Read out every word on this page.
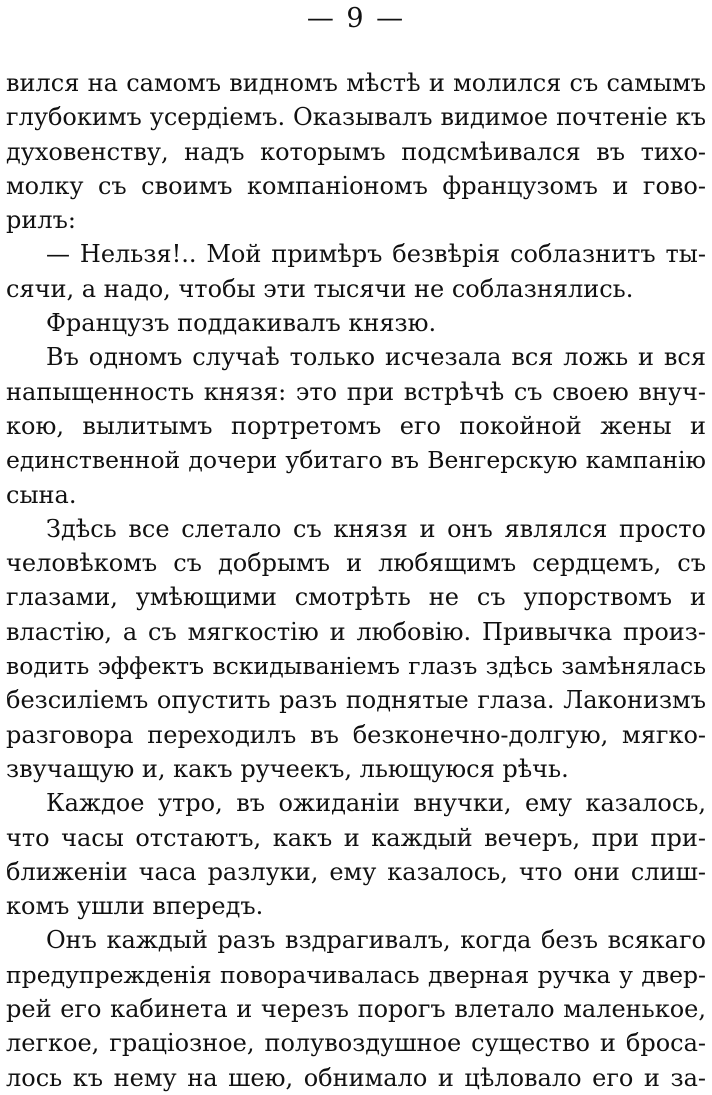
— 9 —
вился на самомъ видномъ мѣстѣ и молился съ самымъ
глубокимъ усердіемъ. Оказывалъ видимое почтеніе къ
духовенству, надъ которымъ подсмѣивался въ тихо-
молку съ своимъ компаніономъ французомъ и гово-
рилъ:
— Нельзя!.. Мой примѣръ безвѣрія соблазнитъ ты-
сячи, а надо, чтобы эти тысячи не соблазнялись.
Французъ поддакивалъ князю.
Въ одномъ случаѣ только исчезала вся ложь и вся
напыщенность князя: это при встрѣчѣ съ своею внуч-
кою, вылитымъ портретомъ его покойной жены и
единственной дочери убитаго въ Венгерскую кампанію
сына.
Здѣсь все слетало съ князя и онъ являлся просто
человѣкомъ съ добрымъ и любящимъ сердцемъ, съ
глазами, умѣющими смотрѣть не съ упорствомъ и
властію, а съ мягкостію и любовію. Привычка произ-
водить эффектъ вскидываніемъ глазъ здѣсь замѣнялась
безсиліемъ опустить разъ поднятые глаза. Лаконизмъ
разговора переходилъ въ безконечно-долгую, мягко-
звучащую и, какъ ручеекъ, льющуюся рѣчь.
Каждое утро, въ ожиданіи внучки, ему казалось,
что часы отстаютъ, какъ и каждый вечеръ, при при-
ближеніи часа разлуки, ему казалось, что они слиш-
комъ ушли впередъ.
Онъ каждый разъ вздрагивалъ, когда безъ всякаго
предупрежденія поворачивалась дверная ручка у двер-
рей его кабинета и черезъ порогъ влетало маленькое,
легкое, граціозное, полувоздушное существо и броса-
лось къ нему на шею, обнимало и цѣловало его и за-
